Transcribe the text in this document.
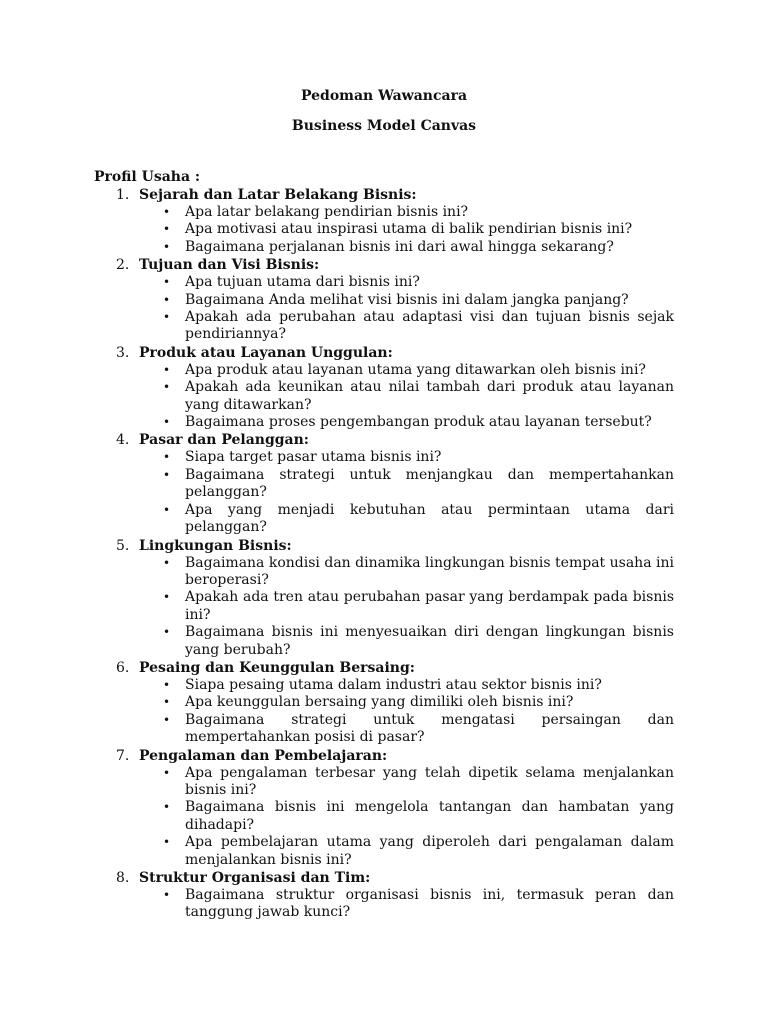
Pedoman Wawancara
Business Model Canvas
Profil Usaha :
1. Sejarah dan Latar Belakang Bisnis:
• Apa latar belakang pendirian bisnis ini?
• Apa motivasi atau inspirasi utama di balik pendirian bisnis ini?
• Bagaimana perjalanan bisnis ini dari awal hingga sekarang?
2. Tujuan dan Visi Bisnis:
• Apa tujuan utama dari bisnis ini?
• Bagaimana Anda melihat visi bisnis ini dalam jangka panjang?
• Apakah ada perubahan atau adaptasi visi dan tujuan bisnis sejak pendiriannya?
3. Produk atau Layanan Unggulan:
• Apa produk atau layanan utama yang ditawarkan oleh bisnis ini?
• Apakah ada keunikan atau nilai tambah dari produk atau layanan yang ditawarkan?
• Bagaimana proses pengembangan produk atau layanan tersebut?
4. Pasar dan Pelanggan:
• Siapa target pasar utama bisnis ini?
• Bagaimana strategi untuk menjangkau dan mempertahankan pelanggan?
• Apa yang menjadi kebutuhan atau permintaan utama dari pelanggan?
5. Lingkungan Bisnis:
• Bagaimana kondisi dan dinamika lingkungan bisnis tempat usaha ini beroperasi?
• Apakah ada tren atau perubahan pasar yang berdampak pada bisnis ini?
• Bagaimana bisnis ini menyesuaikan diri dengan lingkungan bisnis yang berubah?
6. Pesaing dan Keunggulan Bersaing:
• Siapa pesaing utama dalam industri atau sektor bisnis ini?
• Apa keunggulan bersaing yang dimiliki oleh bisnis ini?
• Bagaimana strategi untuk mengatasi persaingan dan mempertahankan posisi di pasar?
7. Pengalaman dan Pembelajaran:
• Apa pengalaman terbesar yang telah dipetik selama menjalankan bisnis ini?
• Bagaimana bisnis ini mengelola tantangan dan hambatan yang dihadapi?
• Apa pembelajaran utama yang diperoleh dari pengalaman dalam menjalankan bisnis ini?
8. Struktur Organisasi dan Tim:
• Bagaimana struktur organisasi bisnis ini, termasuk peran dan tanggung jawab kunci?
